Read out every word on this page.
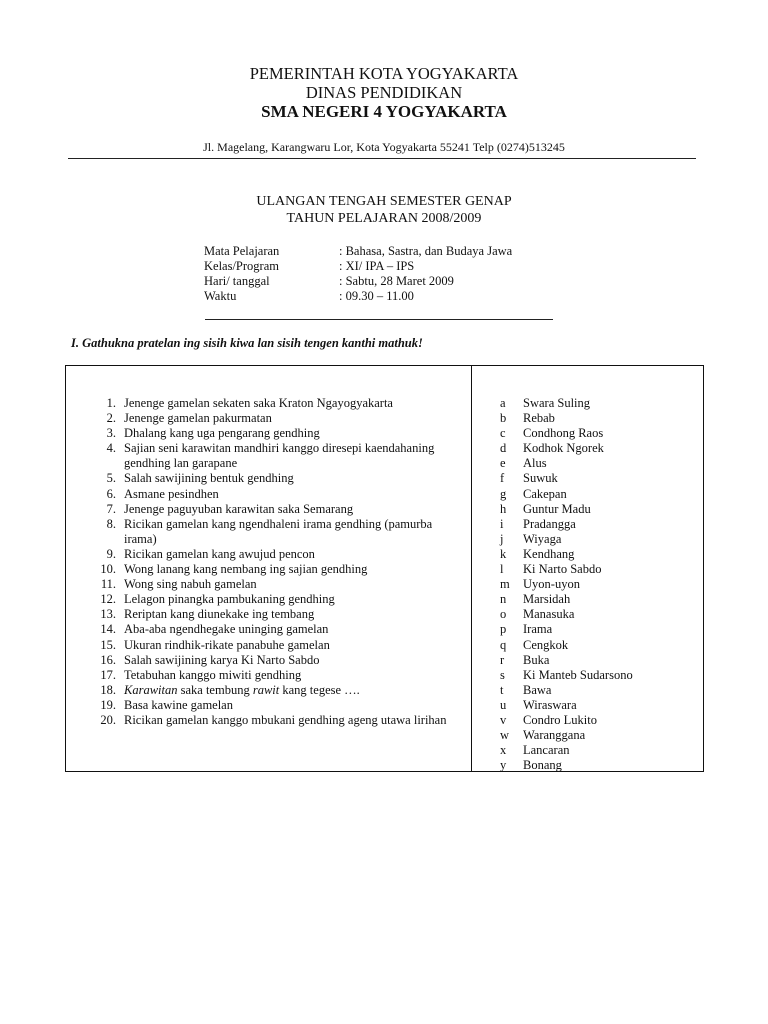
PEMERINTAH KOTA YOGYAKARTA
DINAS PENDIDIKAN
SMA NEGERI 4 YOGYAKARTA
Jl. Magelang, Karangwaru Lor, Kota Yogyakarta 55241 Telp (0274)513245
ULANGAN TENGAH SEMESTER GENAP
TAHUN PELAJARAN 2008/2009
Mata Pelajaran	: Bahasa, Sastra, dan Budaya Jawa
Kelas/Program	: XI/ IPA – IPS
Hari/ tanggal	: Sabtu, 28 Maret 2009
Waktu	: 09.30 – 11.00
I. Gathukna pratelan ing sisih kiwa lan sisih tengen kanthi mathuk!
1. Jenenge gamelan sekaten saka Kraton Ngayogyakarta
2. Jenenge gamelan pakurmatan
3. Dhalang kang uga pengarang gendhing
4. Sajian seni karawitan mandhiri kanggo diresepi kaendahaning gendhing lan garapane
5. Salah sawijining bentuk gendhing
6. Asmane pesindhen
7. Jenenge paguyuban karawitan saka Semarang
8. Ricikan gamelan kang ngendhaleni irama gendhing (pamurba irama)
9. Ricikan gamelan kang awujud pencon
10. Wong lanang kang nembang ing sajian gendhing
11. Wong sing nabuh gamelan
12. Lelagon pinangka pambukaning gendhing
13. Reriptan kang diunekake ing tembang
14. Aba-aba ngendhegake uninging gamelan
15. Ukuran rindhik-rikate panabuhe gamelan
16. Salah sawijining karya Ki Narto Sabdo
17. Tetabuhan kanggo miwiti gendhing
18. Karawitan saka tembung rawit kang tegese ….
19. Basa kawine gamelan
20. Ricikan gamelan kanggo mbukani gendhing ageng utawa lirihan
a	Swara Suling
b	Rebab
c	Condhong Raos
d	Kodhok Ngorek
e	Alus
f	Suwuk
g	Cakepan
h	Guntur Madu
i	Pradangga
j	Wiyaga
k	Kendhang
l	Ki Narto Sabdo
m	Uyon-uyon
n	Marsidah
o	Manasuka
p	Irama
q	Cengkok
r	Buka
s	Ki Manteb Sudarsono
t	Bawa
u	Wiraswara
v	Condro Lukito
w	Waranggana
x	Lancaran
y	Bonang
